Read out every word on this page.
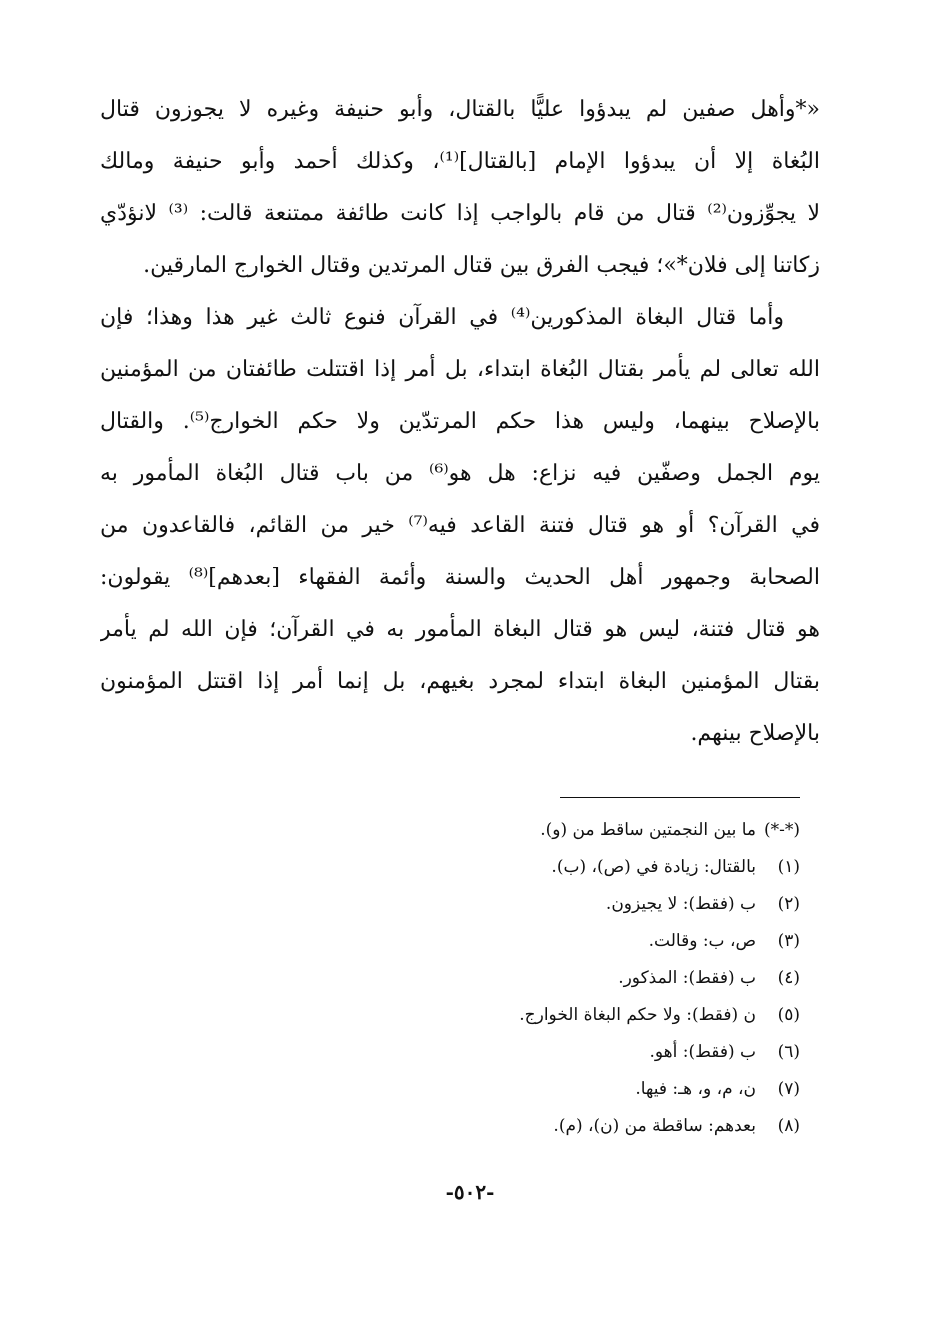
«*وأهل صفين لم يبدؤوا عليًّا بالقتال، وأبو حنيفة وغيره لا يجوزون قتال
البُغاة إلا أن يبدؤوا الإمام [بالقتال]⁽¹⁾، وكذلك أحمد وأبو حنيفة ومالك
لا يجوِّزون⁽²⁾ قتال من قام بالواجب إذا كانت طائفة ممتنعة قالت: ⁽³⁾ لانؤدّي
زكاتنا إلى فلان*»؛ فيجب الفرق بين قتال المرتدين وقتال الخوارج المارقين.
وأما قتال البغاة المذكورين⁽⁴⁾ في القرآن فنوع ثالث غير هذا وهذا؛ فإن
الله تعالى لم يأمر بقتال البُغاة ابتداء، بل أمر إذا اقتتلت طائفتان من المؤمنين
بالإصلاح بينهما، وليس هذا حكم المرتدّين ولا حكم الخوارج⁽⁵⁾. والقتال
يوم الجمل وصفّين فيه نزاع: هل هو⁽⁶⁾ من باب قتال البُغاة المأمور به
في القرآن؟ أو هو قتال فتنة القاعد فيه⁽⁷⁾ خير من القائم، فالقاعدون من
الصحابة وجمهور أهل الحديث والسنة وأئمة الفقهاء [بعدهم]⁽⁸⁾ يقولون:
هو قتال فتنة، ليس هو قتال البغاة المأمور به في القرآن؛ فإن الله لم يأمر
بقتال المؤمنين البغاة ابتداء لمجرد بغيهم، بل إنما أمر إذا اقتتل المؤمنون
بالإصلاح بينهم.
(*-*)
ما بين النجمتين ساقط من (و).
(١)
بالقتال: زيادة في (ص)، (ب).
(٢)
ب (فقط): لا يجيزون.
(٣)
ص، ب: وقالت.
(٤)
ب (فقط): المذكور.
(٥)
ن (فقط): ولا حكم البغاة الخوارج.
(٦)
ب (فقط): أهو.
(٧)
ن، م، و، هـ: فيها.
(٨)
بعدهم: ساقطة من (ن)، (م).
-٥٠٢-
